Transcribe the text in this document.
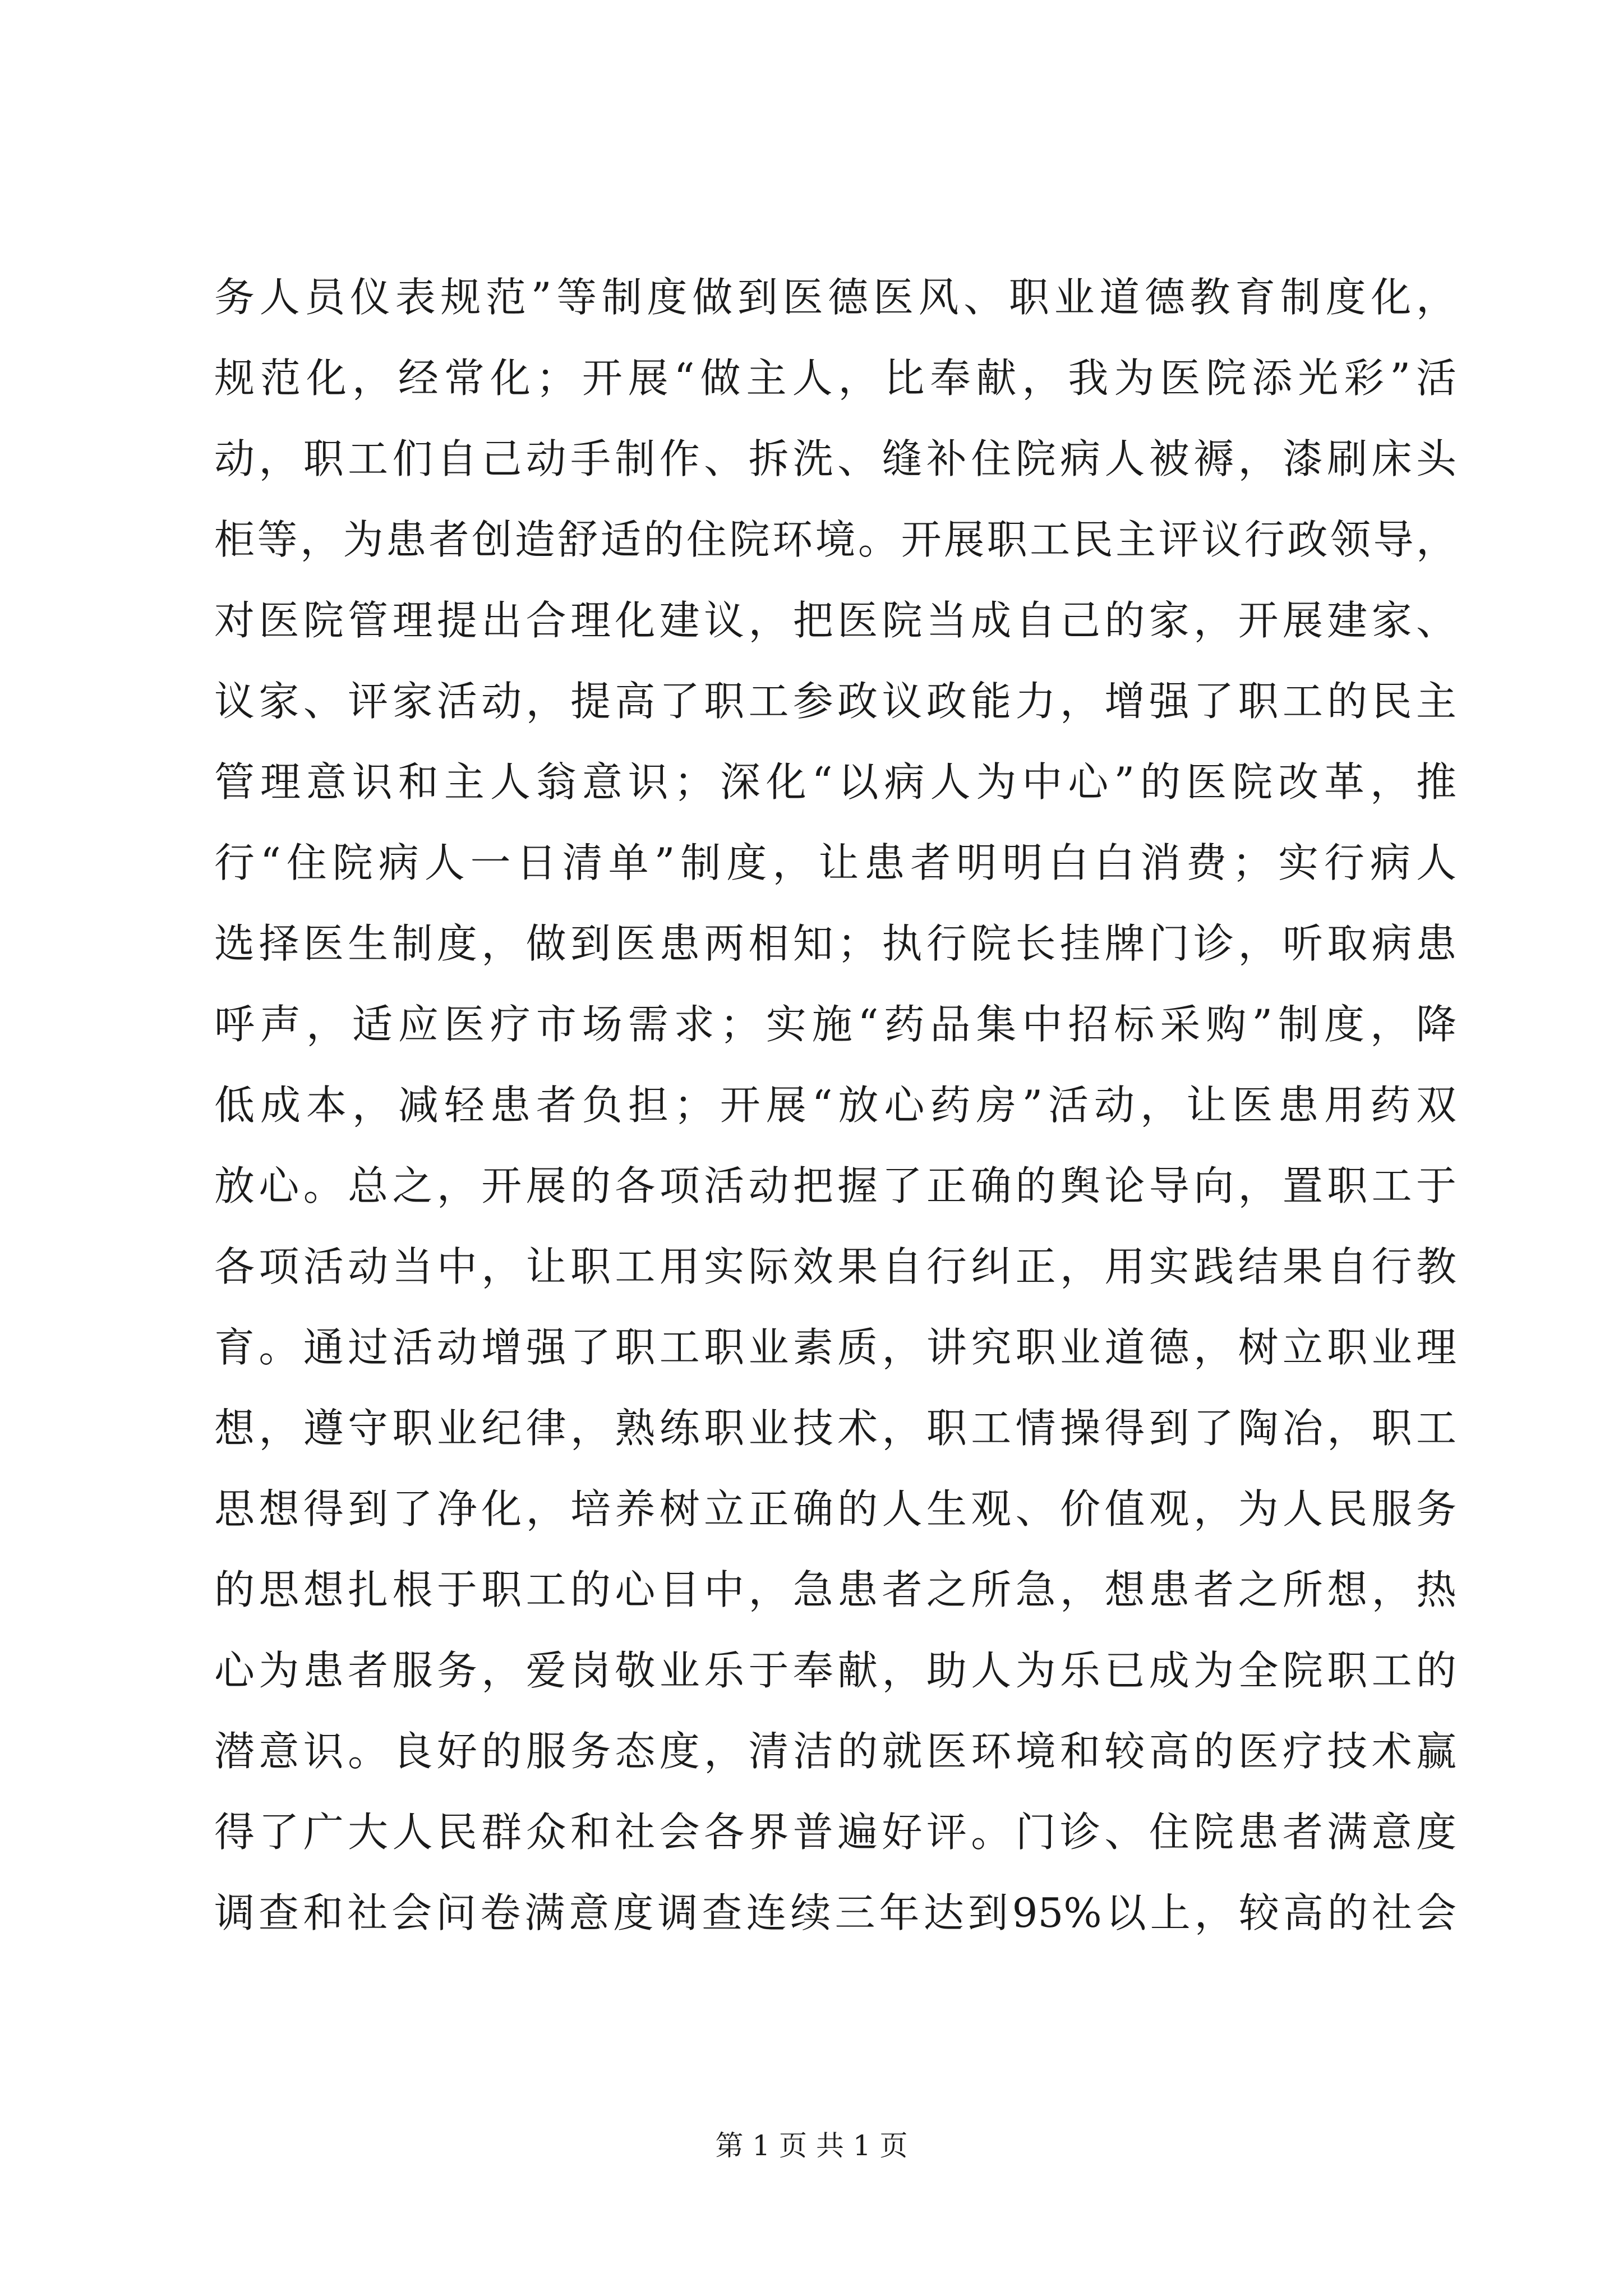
务人员仪表规范”等制度做到医德医风、职业道德教育制度化，
规范化，经常化；开展“做主人，比奉献，我为医院添光彩”活
动，职工们自己动手制作、拆洗、缝补住院病人被褥，漆刷床头
柜等，为患者创造舒适的住院环境。开展职工民主评议行政领导，
对医院管理提出合理化建议，把医院当成自己的家，开展建家、
议家、评家活动，提高了职工参政议政能力，增强了职工的民主
管理意识和主人翁意识；深化“以病人为中心”的医院改革，推
行“住院病人一日清单”制度，让患者明明白白消费；实行病人
选择医生制度，做到医患两相知；执行院长挂牌门诊，听取病患
呼声，适应医疗市场需求；实施“药品集中招标采购”制度，降
低成本，减轻患者负担；开展“放心药房”活动，让医患用药双
放心。总之，开展的各项活动把握了正确的舆论导向，置职工于
各项活动当中，让职工用实际效果自行纠正，用实践结果自行教
育。通过活动增强了职工职业素质，讲究职业道德，树立职业理
想，遵守职业纪律，熟练职业技术，职工情操得到了陶冶，职工
思想得到了净化，培养树立正确的人生观、价值观，为人民服务
的思想扎根于职工的心目中，急患者之所急，想患者之所想，热
心为患者服务，爱岗敬业乐于奉献，助人为乐已成为全院职工的
潜意识。良好的服务态度，清洁的就医环境和较高的医疗技术赢
得了广大人民群众和社会各界普遍好评。门诊、住院患者满意度
调查和社会问卷满意度调查连续三年达到95%以上，较高的社会
第 1 页 共 1 页
